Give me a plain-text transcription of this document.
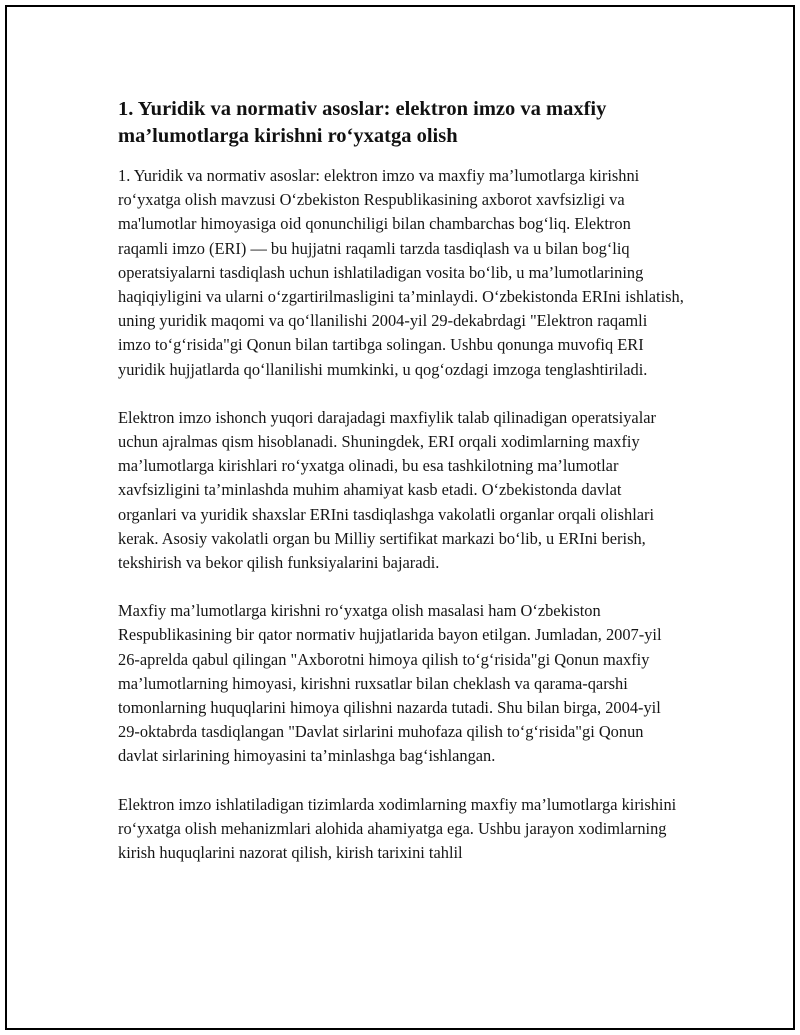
1. Yuridik va normativ asoslar: elektron imzo va maxfiy ma’lumotlarga kirishni ro‘yxatga olish

1. Yuridik va normativ asoslar: elektron imzo va maxfiy ma’lumotlarga kirishni ro‘yxatga olish mavzusi O‘zbekiston Respublikasining axborot xavfsizligi va ma'lumotlar himoyasiga oid qonunchiligi bilan chambarchas bog‘liq. Elektron raqamli imzo (ERI) — bu hujjatni raqamli tarzda tasdiqlash va u bilan bog‘liq operatsiyalarni tasdiqlash uchun ishlatiladigan vosita bo‘lib, u ma’lumotlarining haqiqiyligini va ularni o‘zgartirilmasligini ta’minlaydi. O‘zbekistonda ERIni ishlatish, uning yuridik maqomi va qo‘llanilishi 2004-yil 29-dekabrdagi "Elektron raqamli imzo to‘g‘risida"gi Qonun bilan tartibga solingan. Ushbu qonunga muvofiq ERI yuridik hujjatlarda qo‘llanilishi mumkinki, u qog‘ozdagi imzoga tenglashtiriladi.

Elektron imzo ishonch yuqori darajadagi maxfiylik talab qilinadigan operatsiyalar uchun ajralmas qism hisoblanadi. Shuningdek, ERI orqali xodimlarning maxfiy ma’lumotlarga kirishlari ro‘yxatga olinadi, bu esa tashkilotning ma’lumotlar xavfsizligini ta’minlashda muhim ahamiyat kasb etadi. O‘zbekistonda davlat organlari va yuridik shaxslar ERIni tasdiqlashga vakolatli organlar orqali olishlari kerak. Asosiy vakolatli organ bu Milliy sertifikat markazi bo‘lib, u ERIni berish, tekshirish va bekor qilish funksiyalarini bajaradi.

Maxfiy ma’lumotlarga kirishni ro‘yxatga olish masalasi ham O‘zbekiston Respublikasining bir qator normativ hujjatlarida bayon etilgan. Jumladan, 2007-yil 26-aprelda qabul qilingan "Axborotni himoya qilish to‘g‘risida"gi Qonun maxfiy ma’lumotlarning himoyasi, kirishni ruxsatlar bilan cheklash va qarama-qarshi tomonlarning huquqlarini himoya qilishni nazarda tutadi. Shu bilan birga, 2004-yil 29-oktabrda tasdiqlangan "Davlat sirlarini muhofaza qilish to‘g‘risida"gi Qonun davlat sirlarining himoyasini ta’minlashga bag‘ishlangan.

Elektron imzo ishlatiladigan tizimlarda xodimlarning maxfiy ma’lumotlarga kirishini ro‘yxatga olish mehanizmlari alohida ahamiyatga ega. Ushbu jarayon xodimlarning kirish huquqlarini nazorat qilish, kirish tarixini tahlil
